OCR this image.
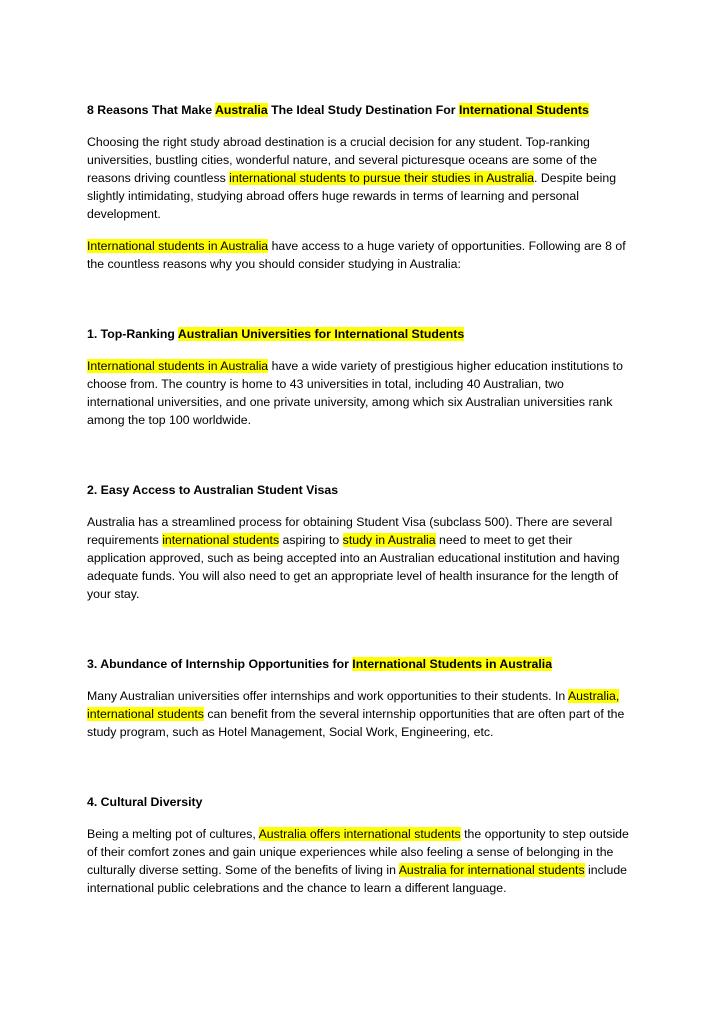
8 Reasons That Make Australia The Ideal Study Destination For International Students
Choosing the right study abroad destination is a crucial decision for any student. Top-ranking universities, bustling cities, wonderful nature, and several picturesque oceans are some of the reasons driving countless international students to pursue their studies in Australia. Despite being slightly intimidating, studying abroad offers huge rewards in terms of learning and personal development.
International students in Australia have access to a huge variety of opportunities. Following are 8 of the countless reasons why you should consider studying in Australia:
1. Top-Ranking Australian Universities for International Students
International students in Australia have a wide variety of prestigious higher education institutions to choose from. The country is home to 43 universities in total, including 40 Australian, two international universities, and one private university, among which six Australian universities rank among the top 100 worldwide.
2. Easy Access to Australian Student Visas
Australia has a streamlined process for obtaining Student Visa (subclass 500). There are several requirements international students aspiring to study in Australia need to meet to get their application approved, such as being accepted into an Australian educational institution and having adequate funds. You will also need to get an appropriate level of health insurance for the length of your stay.
3. Abundance of Internship Opportunities for International Students in Australia
Many Australian universities offer internships and work opportunities to their students. In Australia, international students can benefit from the several internship opportunities that are often part of the study program, such as Hotel Management, Social Work, Engineering, etc.
4. Cultural Diversity
Being a melting pot of cultures, Australia offers international students the opportunity to step outside of their comfort zones and gain unique experiences while also feeling a sense of belonging in the culturally diverse setting. Some of the benefits of living in Australia for international students include international public celebrations and the chance to learn a different language.
